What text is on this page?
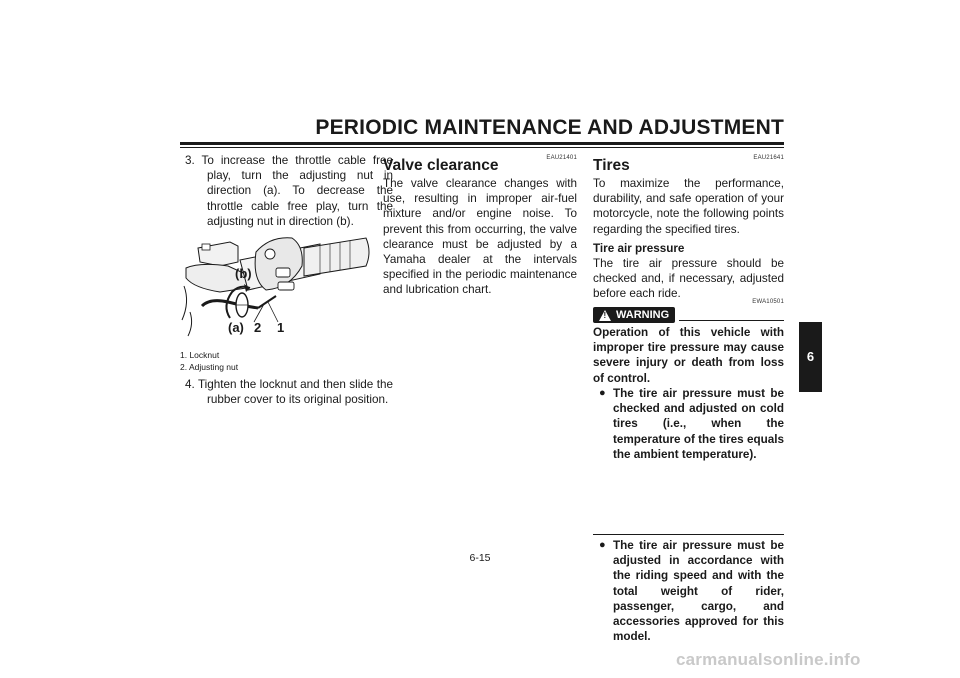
PERIODIC MAINTENANCE AND ADJUSTMENT
3. To increase the throttle cable free play, turn the adjusting nut in direction (a). To decrease the throttle cable free play, turn the adjusting nut in direction (b).
(b)
(a) 2 1
1. Locknut
2. Adjusting nut
4. Tighten the locknut and then slide the rubber cover to its original position.
EAU21401
Valve clearance
The valve clearance changes with use, resulting in improper air-fuel mixture and/or engine noise. To prevent this from occurring, the valve clearance must be adjusted by a Yamaha dealer at the intervals specified in the periodic maintenance and lubrication chart.
EAU21641
Tires
To maximize the performance, durability, and safe operation of your motorcycle, note the following points regarding the specified tires.
Tire air pressure
The tire air pressure should be checked and, if necessary, adjusted before each ride.
EWA10501
! WARNING
Operation of this vehicle with improper tire pressure may cause severe injury or death from loss of control.
● The tire air pressure must be checked and adjusted on cold tires (i.e., when the temperature of the tires equals the ambient temperature).
● The tire air pressure must be adjusted in accordance with the riding speed and with the total weight of rider, passenger, cargo, and accessories approved for this model.
6
6-15
carmanualsonline.info
